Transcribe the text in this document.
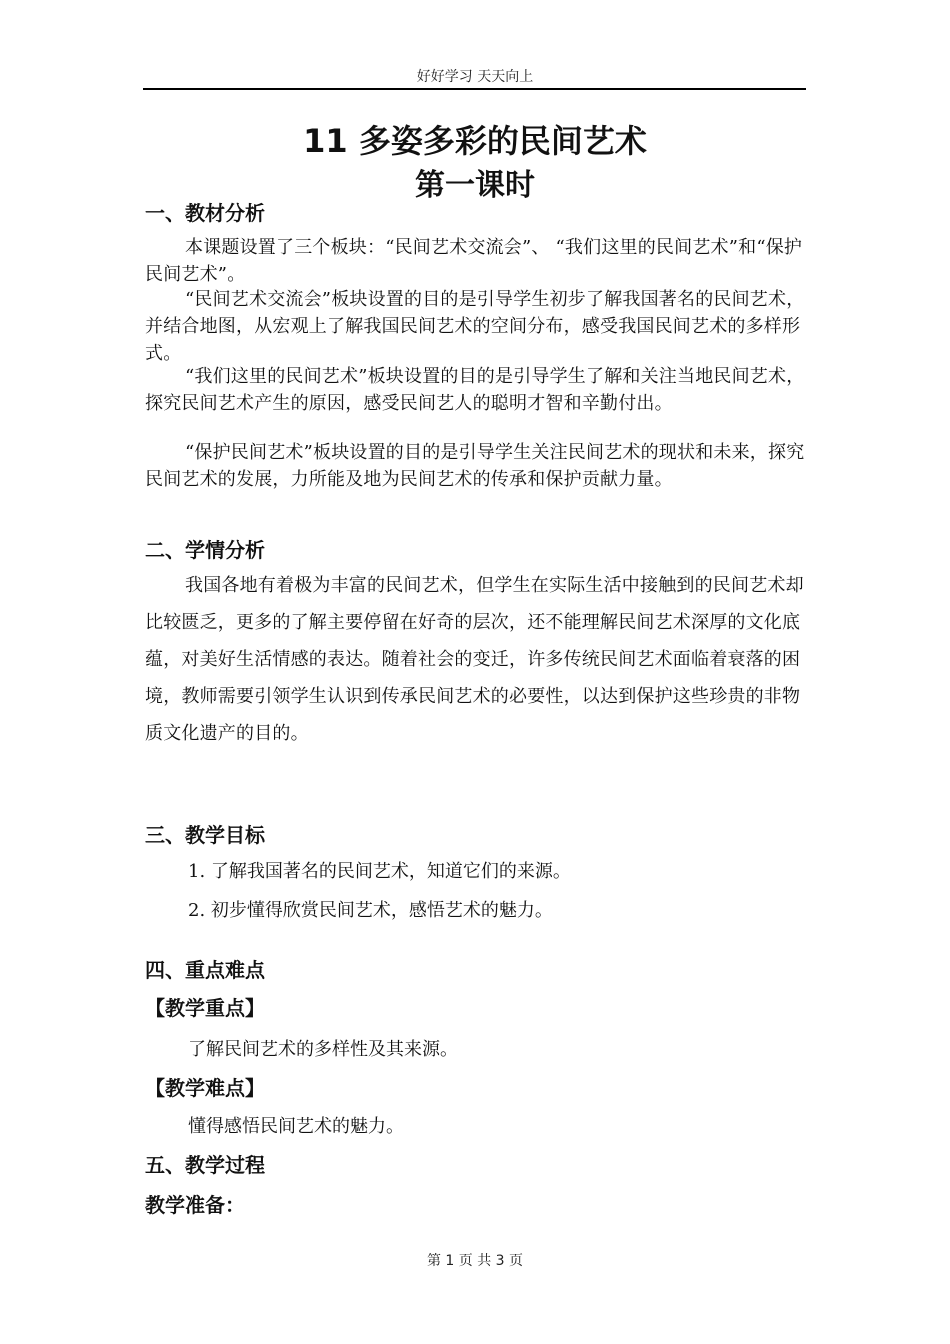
好好学习 天天向上
11 多姿多彩的民间艺术
第一课时
一、教材分析
本课题设置了三个板块：“民间艺术交流会”、 “我们这里的民间艺术”和“保护民间艺术”。
“民间艺术交流会”板块设置的目的是引导学生初步了解我国著名的民间艺术，并结合地图，从宏观上了解我国民间艺术的空间分布，感受我国民间艺术的多样形式。
“我们这里的民间艺术”板块设置的目的是引导学生了解和关注当地民间艺术，探究民间艺术产生的原因，感受民间艺人的聪明才智和辛勤付出。
“保护民间艺术”板块设置的目的是引导学生关注民间艺术的现状和未来，探究民间艺术的发展，力所能及地为民间艺术的传承和保护贡献力量。
二、学情分析
我国各地有着极为丰富的民间艺术，但学生在实际生活中接触到的民间艺术却比较匮乏，更多的了解主要停留在好奇的层次，还不能理解民间艺术深厚的文化底蕴，对美好生活情感的表达。随着社会的变迁，许多传统民间艺术面临着衰落的困境，教师需要引领学生认识到传承民间艺术的必要性，以达到保护这些珍贵的非物质文化遗产的目的。
三、教学目标
1. 了解我国著名的民间艺术，知道它们的来源。
2. 初步懂得欣赏民间艺术，感悟艺术的魅力。
四、重点难点
【教学重点】
了解民间艺术的多样性及其来源。
【教学难点】
懂得感悟民间艺术的魅力。
五、教学过程
教学准备：
第 1 页 共 3 页
